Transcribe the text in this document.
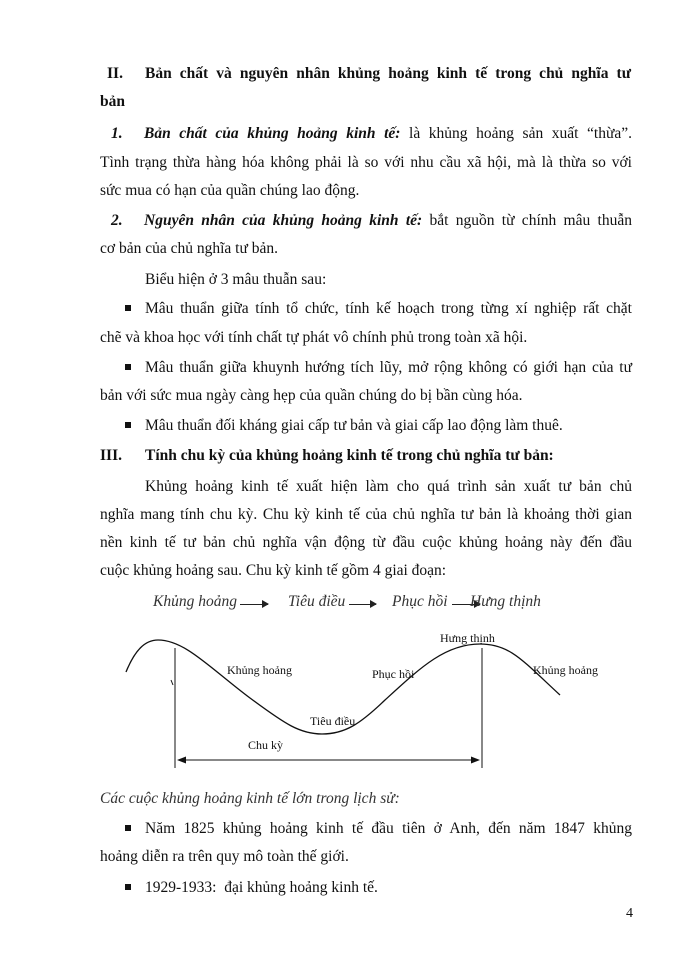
II. Bản chất và nguyên nhân khủng hoảng kinh tế trong chủ nghĩa tư
bản
1. Bản chất của khủng hoảng kinh tế: là khủng hoảng sản xuất “thừa”.
Tình trạng thừa hàng hóa không phải là so với nhu cầu xã hội, mà là thừa so với
sức mua có hạn của quần chúng lao động.
2. Nguyên nhân của khủng hoảng kinh tế: bắt nguồn từ chính mâu thuẫn
cơ bản của chủ nghĩa tư bản.
Biểu hiện ở 3 mâu thuẫn sau:
Mâu thuẩn giữa tính tổ chức, tính kế hoạch trong từng xí nghiệp rất chặt
chẽ và khoa học với tính chất tự phát vô chính phủ trong toàn xã hội.
Mâu thuẩn giữa khuynh hướng tích lũy, mở rộng không có giới hạn của tư
bản với sức mua ngày càng hẹp của quần chúng do bị bần cùng hóa.
Mâu thuẩn đối kháng giai cấp tư bản và giai cấp lao động làm thuê.
III. Tính chu kỳ của khủng hoảng kinh tế trong chủ nghĩa tư bản:
Khủng hoảng kinh tế xuất hiện làm cho quá trình sản xuất tư bản chủ
nghĩa mang tính chu kỳ. Chu kỳ kinh tế của chủ nghĩa tư bản là khoảng thời gian
nền kinh tế tư bản chủ nghĩa vận động từ đầu cuộc khủng hoảng này đến đầu
cuộc khủng hoảng sau. Chu kỳ kinh tế gồm 4 giai đoạn:
Khủng hoảng	Tiêu điều	Phục hồi Hưng thịnh
Khủng hoảng	Phục hồi
Hưng thịnh
Khủng hoảng
Tiêu điều
Chu kỳ
Các cuộc khủng hoảng kinh tế lớn trong lịch sử:
Năm 1825 khủng hoảng kinh tế đầu tiên ở Anh, đến năm 1847 khủng
hoảng diễn ra trên quy mô toàn thế giới.
1929-1933:  đại khủng hoảng kinh tế.
4
